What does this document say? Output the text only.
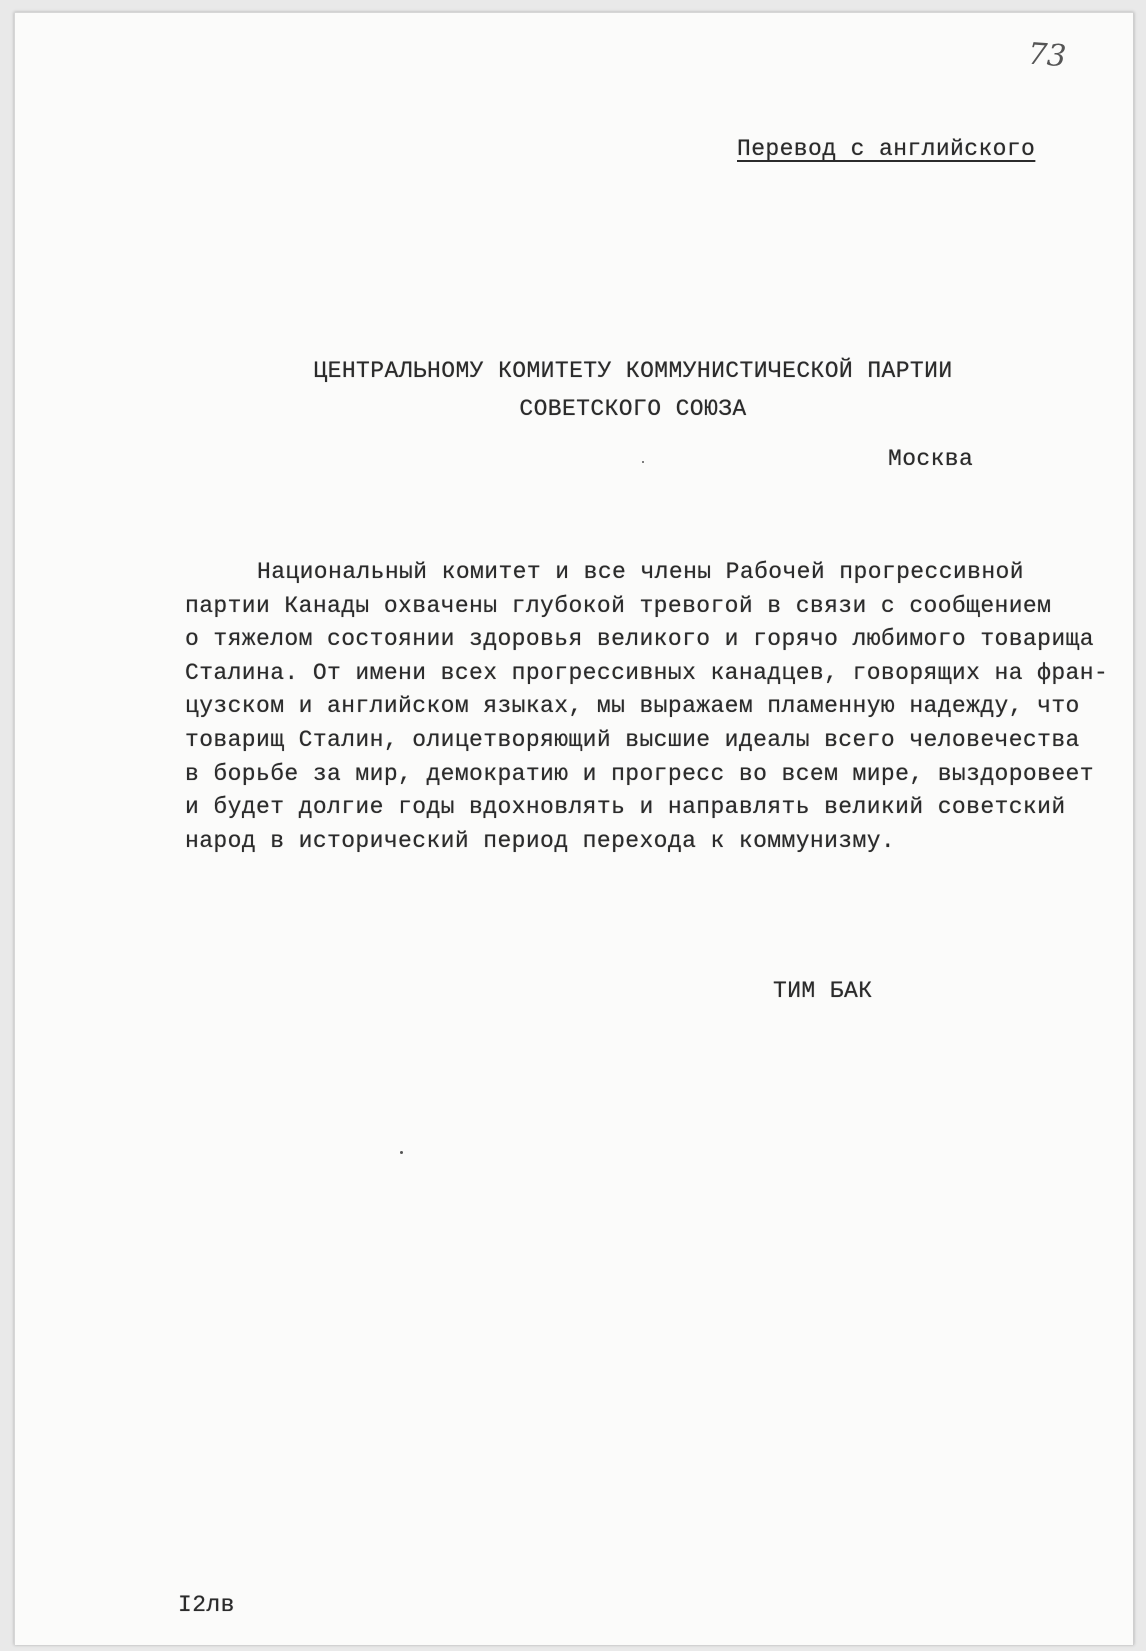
73
Перевод с английского
ЦЕНТРАЛЬНОМУ КОМИТЕТУ КОММУНИСТИЧЕСКОЙ ПАРТИИ
СОВЕТСКОГО СОЮЗА
Москва
Национальный комитет и все члены Рабочей прогрессивной
партии Канады охвачены глубокой тревогой в связи с сообщением
о тяжелом состоянии здоровья великого и горячо любимого товарища
Сталина. От имени всех прогрессивных канадцев, говорящих на фран-
цузском и английском языках, мы выражаем пламенную надежду, что
товарищ Сталин, олицетворяющий высшие идеалы всего человечества
в борьбе за мир, демократию и прогресс во всем мире, выздоровеет
и будет долгие годы вдохновлять и направлять великий советский
народ в исторический период перехода к коммунизму.
ТИМ БАК
I2лв
